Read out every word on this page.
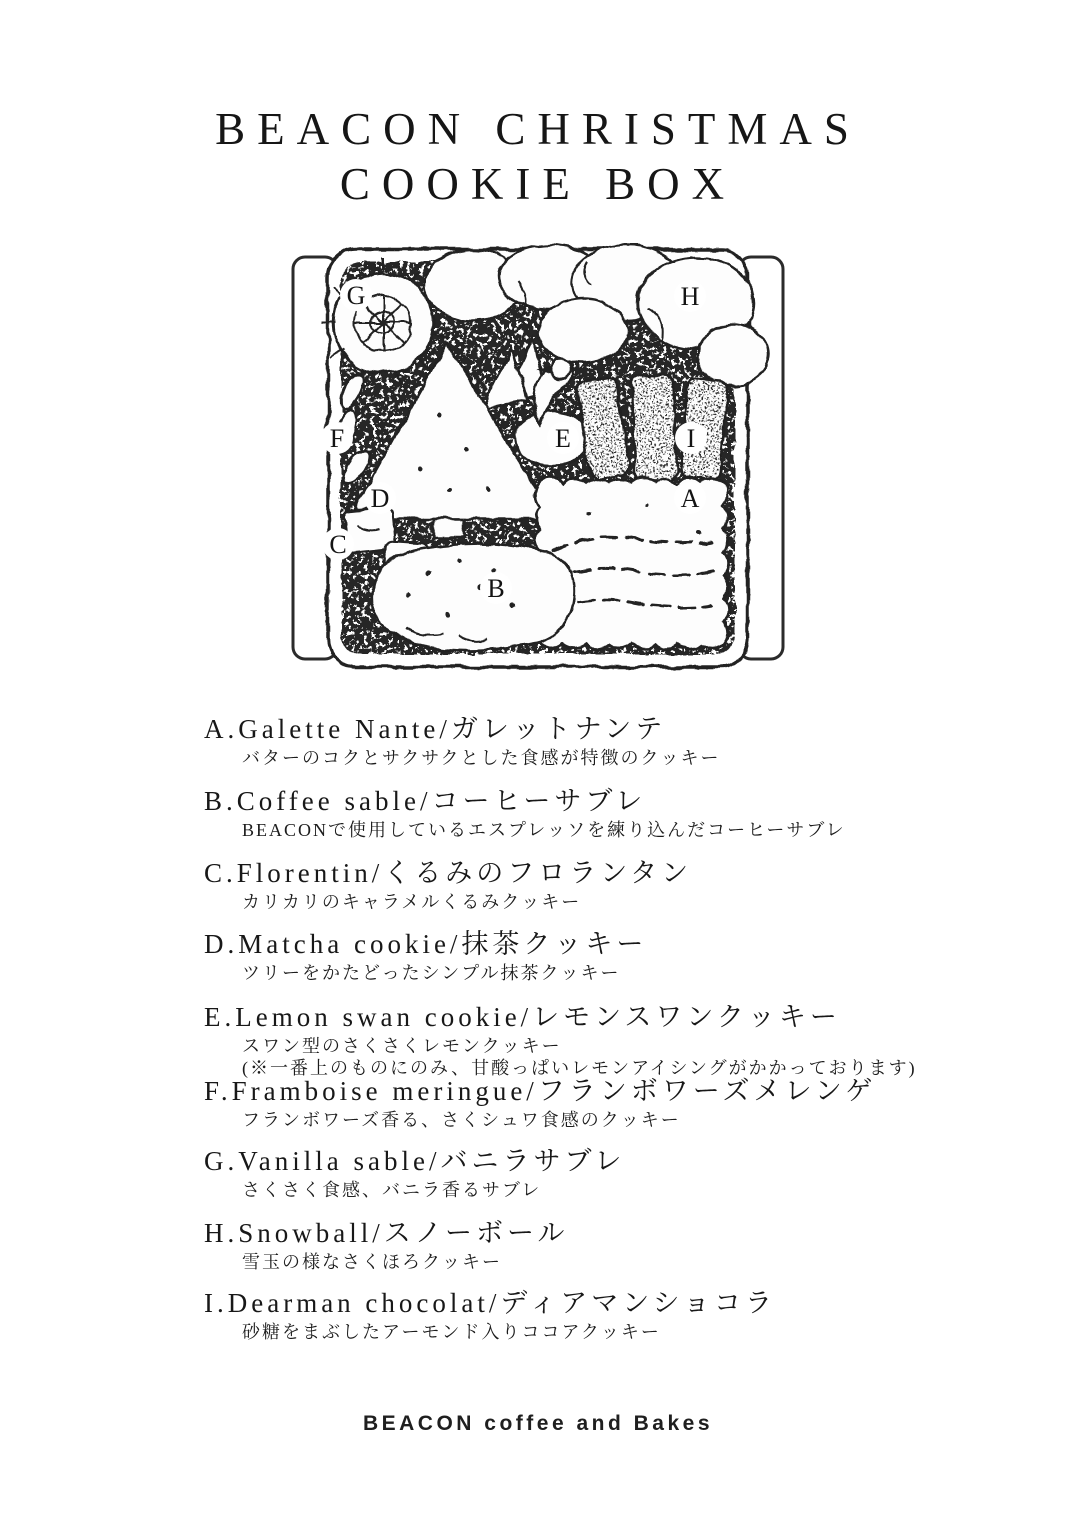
BEACON CHRISTMAS
COOKIE BOX
G	H
F	E	I
D	A
C
B
A.Galette Nante/ガレットナンテ

バターのコクとサクサクとした食感が特徴のクッキー

B.Coffee sable/コーヒーサブレ

BEACONで使用しているエスプレッソを練り込んだコーヒーサブレ

C.Florentin/くるみのフロランタン

カリカリのキャラメルくるみクッキー

D.Matcha cookie/抹茶クッキー

ツリーをかたどったシンプル抹茶クッキー

E.Lemon swan cookie/レモンスワンクッキー

スワン型のさくさくレモンクッキー

(※一番上のものにのみ、甘酸っぱいレモンアイシングがかかっております)

F.Framboise meringue/フランボワーズメレンゲ

フランボワーズ香る、さくシュワ食感のクッキー

G.Vanilla sable/バニラサブレ

さくさく食感、バニラ香るサブレ

H.Snowball/スノーボール

雪玉の様なさくほろクッキー

I.Dearman chocolat/ディアマンショコラ

砂糖をまぶしたアーモンド入りココアクッキー

BEACON coffee and Bakes
